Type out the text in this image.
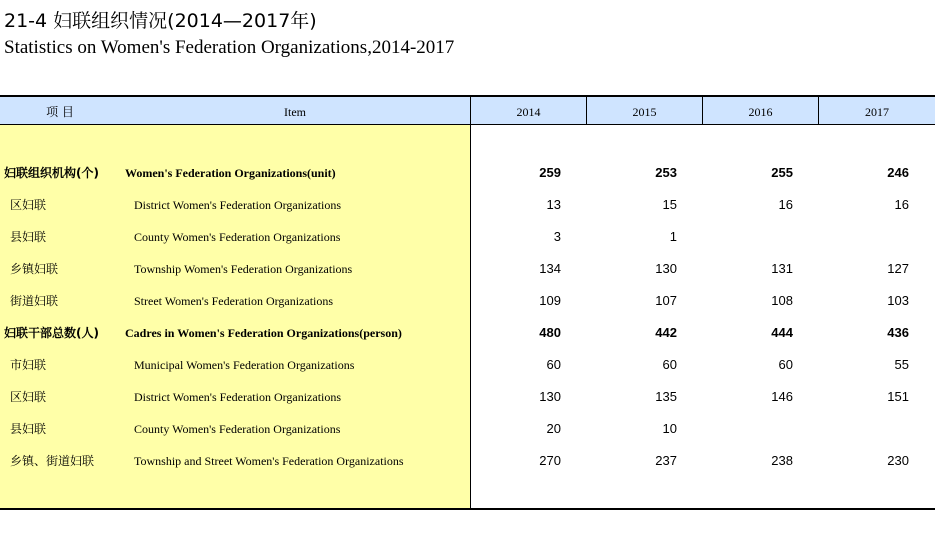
21-4 妇联组织情况(2014—2017年)
Statistics on Women's Federation Organizations,2014-2017
项 目	Item	2014	2015	2016	2017
妇联组织机构(个) Women's Federation Organizations(unit)	259	253	255	246
区妇联	District Women's Federation Organizations	13	15	16	16
县妇联	County Women's Federation Organizations	3	1
乡镇妇联	Township Women's Federation Organizations	134	130	131	127
街道妇联	Street Women's Federation Organizations	109	107	108	103
妇联干部总数(人) Cadres in Women's Federation Organizations(person)	480	442	444	436
市妇联	Municipal Women's Federation Organizations	60	60	60	55
区妇联	District Women's Federation Organizations	130	135	146	151
县妇联	County Women's Federation Organizations	20	10
乡镇、街道妇联	Township and Street Women's Federation Organizations	270	237	238	230
